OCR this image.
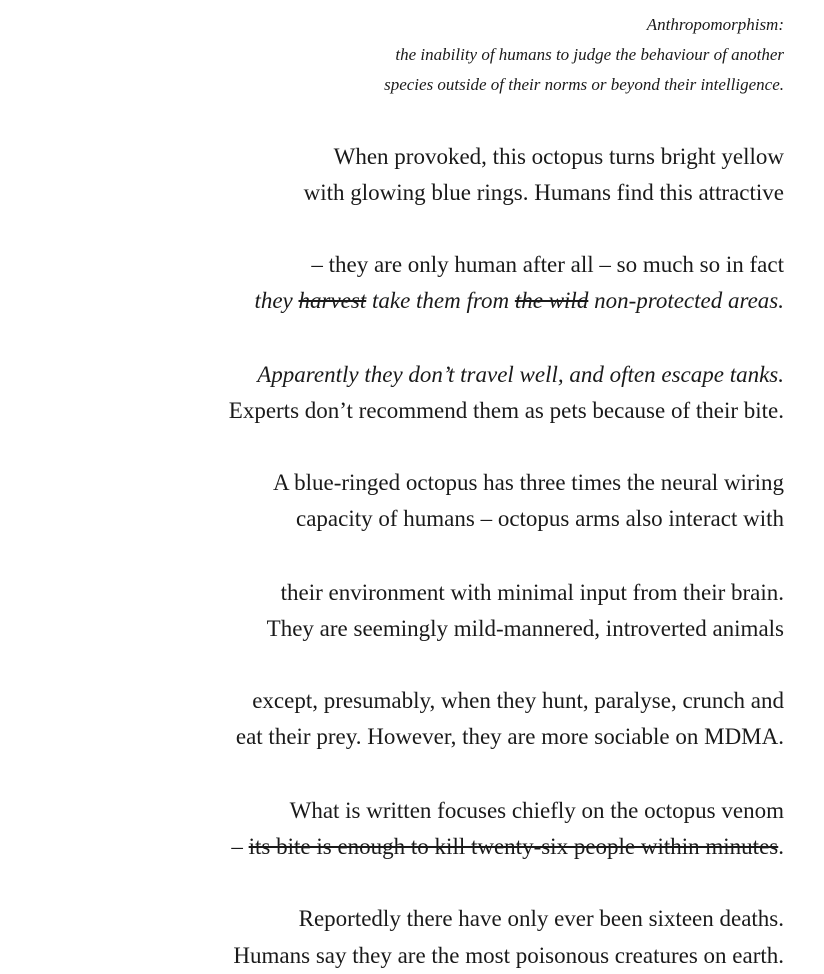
Anthropomorphism:
the inability of humans to judge the behaviour of another
species outside of their norms or beyond their intelligence.
When provoked, this octopus turns bright yellow
with glowing blue rings. Humans find this attractive
– they are only human after all – so much so in fact
they harvest take them from the wild non-protected areas.
Apparently they don’t travel well, and often escape tanks.
Experts don’t recommend them as pets because of their bite.
A blue-ringed octopus has three times the neural wiring
capacity of humans – octopus arms also interact with
their environment with minimal input from their brain.
They are seemingly mild-mannered, introverted animals
except, presumably, when they hunt, paralyse, crunch and
eat their prey. However, they are more sociable on MDMA.
What is written focuses chiefly on the octopus venom
– its bite is enough to kill twenty-six people within minutes.
Reportedly there have only ever been sixteen deaths.
Humans say they are the most poisonous creatures on earth.
